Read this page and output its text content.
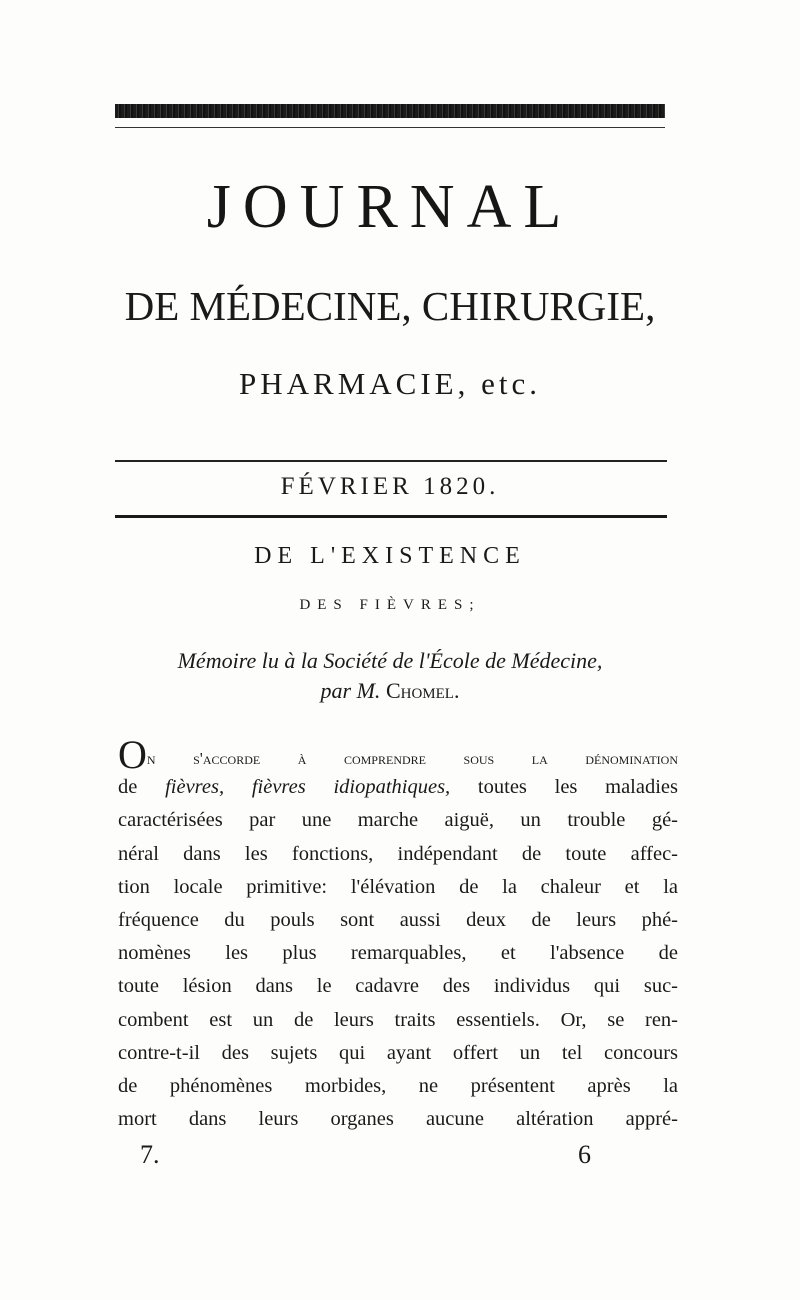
JOURNAL
DE MÉDECINE, CHIRURGIE,
PHARMACIE, etc.
FÉVRIER 1820.
DE L'EXISTENCE
DES FIÈVRES;
Mémoire lu à la Société de l'École de Médecine,
par M. Chomel.
On s'accorde à comprendre sous la dénomination
de fièvres, fièvres idiopathiques, toutes les maladies
caractérisées par une marche aiguë, un trouble gé-
néral dans les fonctions, indépendant de toute affec-
tion locale primitive: l'élévation de la chaleur et la
fréquence du pouls sont aussi deux de leurs phé-
nomènes les plus remarquables, et l'absence de
toute lésion dans le cadavre des individus qui suc-
combent est un de leurs traits essentiels. Or, se ren-
contre-t-il des sujets qui ayant offert un tel concours
de phénomènes morbides, ne présentent après la
mort dans leurs organes aucune altération appré-
7.	6
